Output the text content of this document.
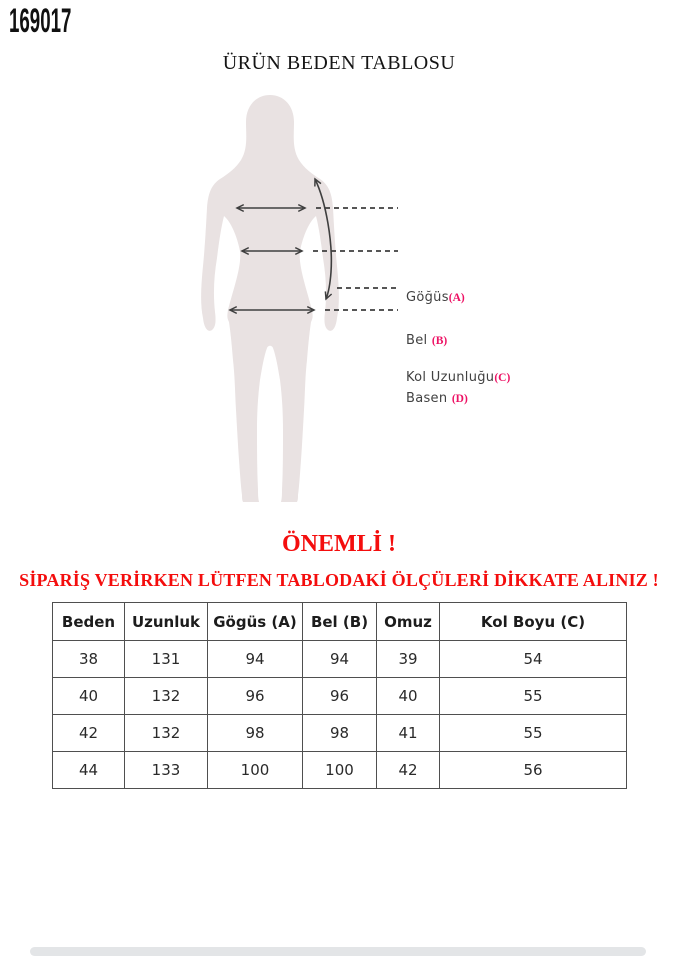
169017
ÜRÜN BEDEN TABLOSU
Göğüs(A)
Bel (B)
Kol Uzunluğu(C)
Basen (D)
ÖNEMLİ !
SİPARİŞ VERİRKEN LÜTFEN TABLODAKİ ÖLÇÜLERİ DİKKATE ALINIZ !
Beden	Uzunluk	Gögüs (A)	Bel (B)	Omuz	Kol Boyu (C)
38	131	94	94	39	54
40	132	96	96	40	55
42	132	98	98	41	55
44	133	100	100	42	56
